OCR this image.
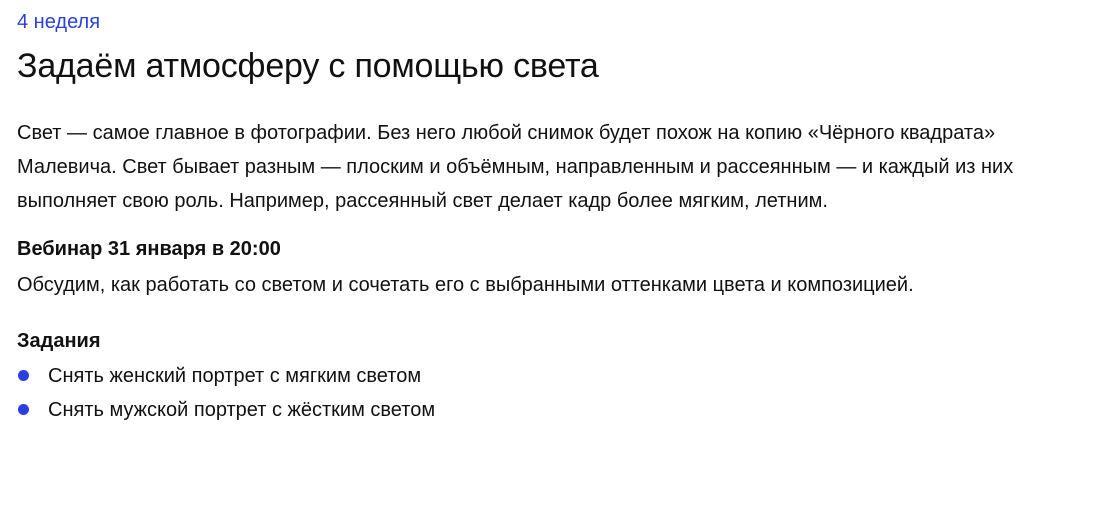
4 неделя

Задаём атмосферу с помощью света

Свет — самое главное в фотографии. Без него любой снимок будет похож на копию «Чёрного квадрата» Малевича. Свет бывает разным — плоским и объёмным, направленным и рассеянным — и каждый из них выполняет свою роль. Например, рассеянный свет делает кадр более мягким, летним.

Вебинар 31 января в 20:00

Обсудим, как работать со светом и сочетать его с выбранными оттенками цвета и композицией.

Задания

Снять женский портрет с мягким светом
Снять мужской портрет с жёстким светом
